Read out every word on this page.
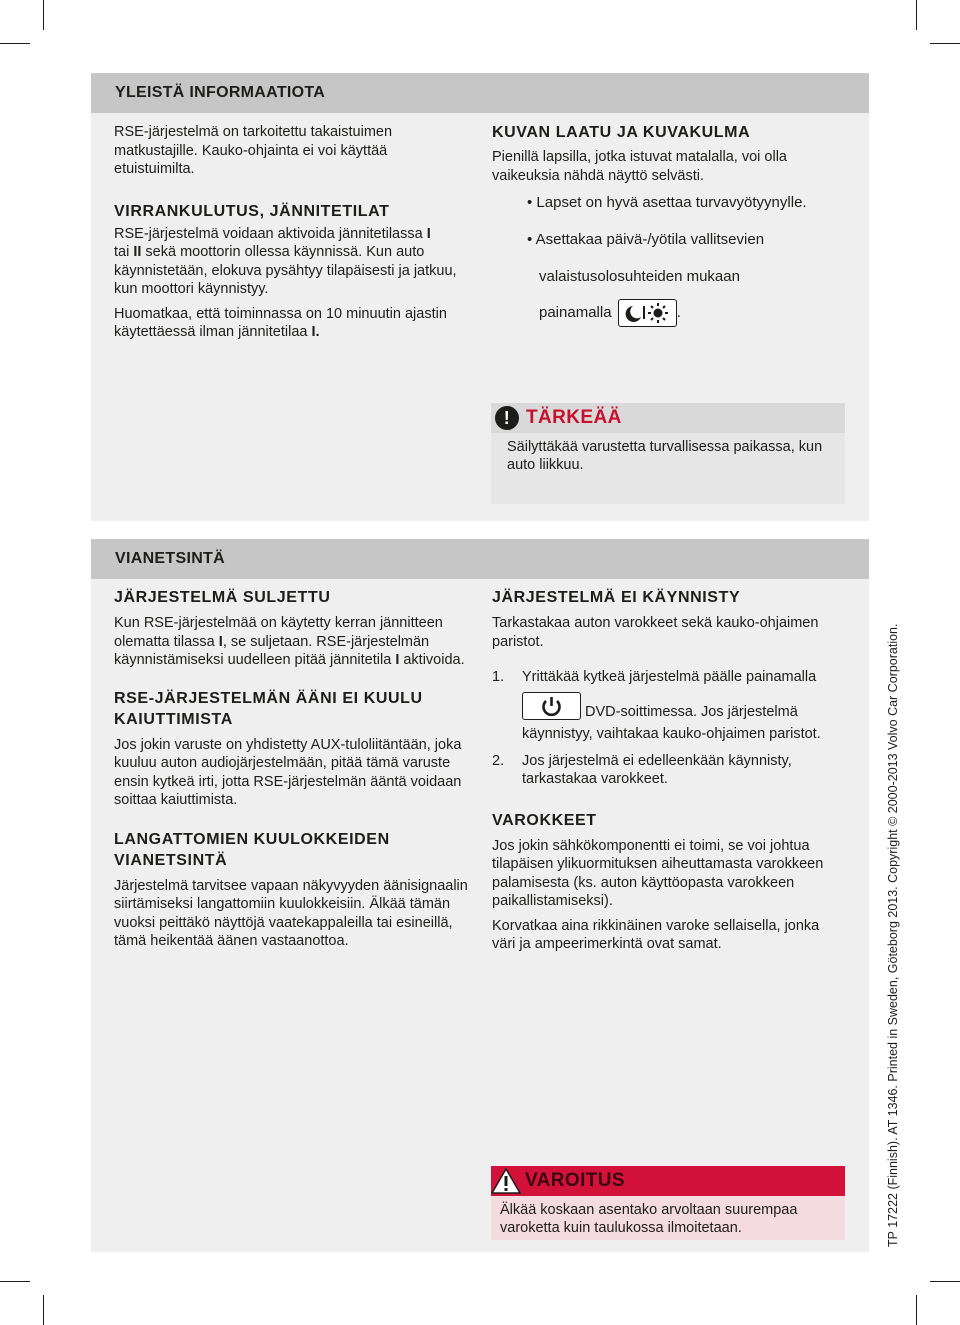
YLEISTÄ INFORMAATIOTA

RSE-järjestelmä on tarkoitettu takaistuimen matkustajille. Kauko-ohjainta ei voi käyttää etuistuimilta.

VIRRANKULUTUS, JÄNNITETILAT

RSE-järjestelmä voidaan aktivoida jännitetilassa I
tai II sekä moottorin ollessa käynnissä. Kun auto käynnistetään, elokuva pysähtyy tilapäisesti ja jatkuu, kun moottori käynnistyy.

Huomatkaa, että toiminnassa on 10 minuutin ajastin käytettäessä ilman jännitetilaa I.

KUVAN LAATU JA KUVAKULMA

Pienillä lapsilla, jotka istuvat matalalla, voi olla vaikeuksia nähdä näyttö selvästi.

• Lapset on hyvä asettaa turvavyötyynylle.

• Asettakaa päivä-/yötila vallitsevien

valaistusolosuhteiden mukaan

painamalla	.

! TÄRKEÄÄ
Säilyttäkää varustetta turvallisessa paikassa, kun auto liikkuu.
VIANETSINTÄ

JÄRJESTELMÄ SULJETTU

Kun RSE-järjestelmää on käytetty kerran jännitteen olematta tilassa I, se suljetaan. RSE-järjestelmän käynnistämiseksi uudelleen pitää jännitetila I aktivoida.

RSE-JÄRJESTELMÄN ÄÄNI EI KUULU
KAIUTTIMISTA

Jos jokin varuste on yhdistetty AUX-tuloliitäntään, joka kuuluu auton audiojärjestelmään, pitää tämä varuste ensin kytkeä irti, jotta RSE-järjestelmän ääntä voidaan soittaa kaiuttimista.

LANGATTOMIEN KUULOKKEIDEN
VIANETSINTÄ

Järjestelmä tarvitsee vapaan näkyvyyden äänisignaalin siirtämiseksi langattomiin kuulokkeisiin. Älkää tämän vuoksi peittäkö näyttöjä vaatekappaleilla tai esineillä, tämä heikentää äänen vastaanottoa.

JÄRJESTELMÄ EI KÄYNNISTY

Tarkastakaa auton varokkeet sekä kauko-ohjaimen paristot.

1. Yrittäkää kytkeä järjestelmä päälle painamalla

DVD-soittimessa. Jos järjestelmä

käynnistyy, vaihtakaa kauko-ohjaimen paristot.

2. Jos järjestelmä ei edelleenkään käynnisty, tarkastakaa varokkeet.

VAROKKEET

Jos jokin sähkökomponentti ei toimi, se voi johtua tilapäisen ylikuormituksen aiheuttamasta varokkeen palamisesta (ks. auton käyttöopasta varokkeen paikallistamiseksi).

Korvatkaa aina rikkinäinen varoke sellaisella, jonka väri ja ampeerimerkintä ovat samat.

VAROITUS
Älkää koskaan asentako arvoltaan suurempaa varoketta kuin taulukossa ilmoitetaan.	TP 17222 (Finnish). AT 1346. Printed in Sweden, Göteborg 2013. Copyright © 2000-2013 Volvo Car Corporation.
